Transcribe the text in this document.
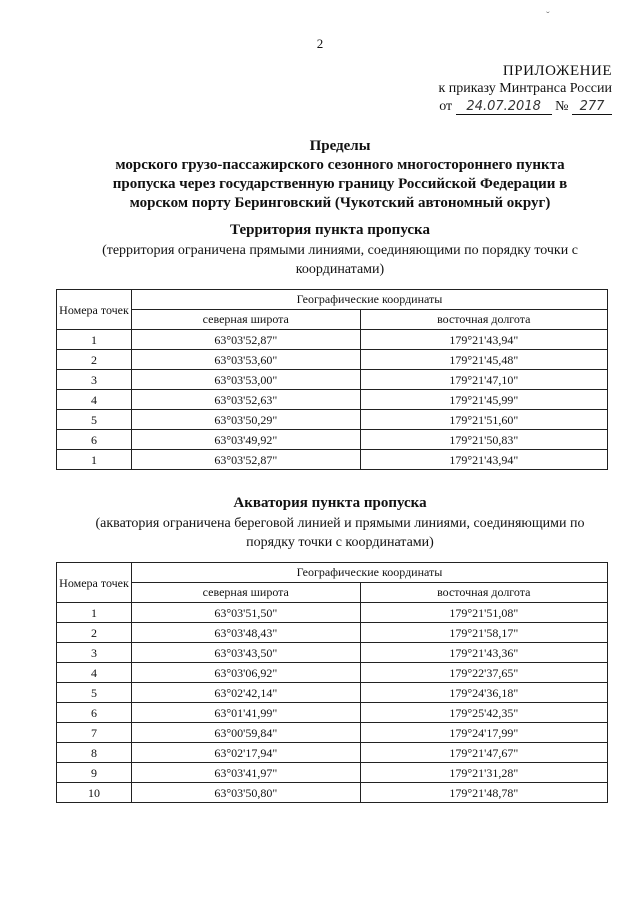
2
ˇ
ПРИЛОЖЕНИЕ
к приказу Минтранса России
от 24.07.2018 № 277
Пределы
морского грузо-пассажирского сезонного многостороннего пункта
пропуска через государственную границу Российской Федерации в
морском порту Беринговский (Чукотский автономный округ)
Территория пункта пропуска
(территория ограничена прямыми линиями, соединяющими по порядку точки с
координатами)
Номера точек	Географические координаты	
	северная широта	восточная долгота
1	63°03'52,87"	179°21'43,94"
2	63°03'53,60"	179°21'45,48"
3	63°03'53,00"	179°21'47,10"
4	63°03'52,63"	179°21'45,99"
5	63°03'50,29"	179°21'51,60"
6	63°03'49,92"	179°21'50,83"
1	63°03'52,87"	179°21'43,94"
Акватория пункта пропуска
(акватория ограничена береговой линией и прямыми линиями, соединяющими по
порядку точки с координатами)
Номера точек	Географические координаты	
	северная широта	восточная долгота
1	63°03'51,50"	179°21'51,08"
2	63°03'48,43"	179°21'58,17"
3	63°03'43,50"	179°21'43,36"
4	63°03'06,92"	179°22'37,65"
5	63°02'42,14"	179°24'36,18"
6	63°01'41,99"	179°25'42,35"
7	63°00'59,84"	179°24'17,99"
8	63°02'17,94"	179°21'47,67"
9	63°03'41,97"	179°21'31,28"
10	63°03'50,80"	179°21'48,78"
